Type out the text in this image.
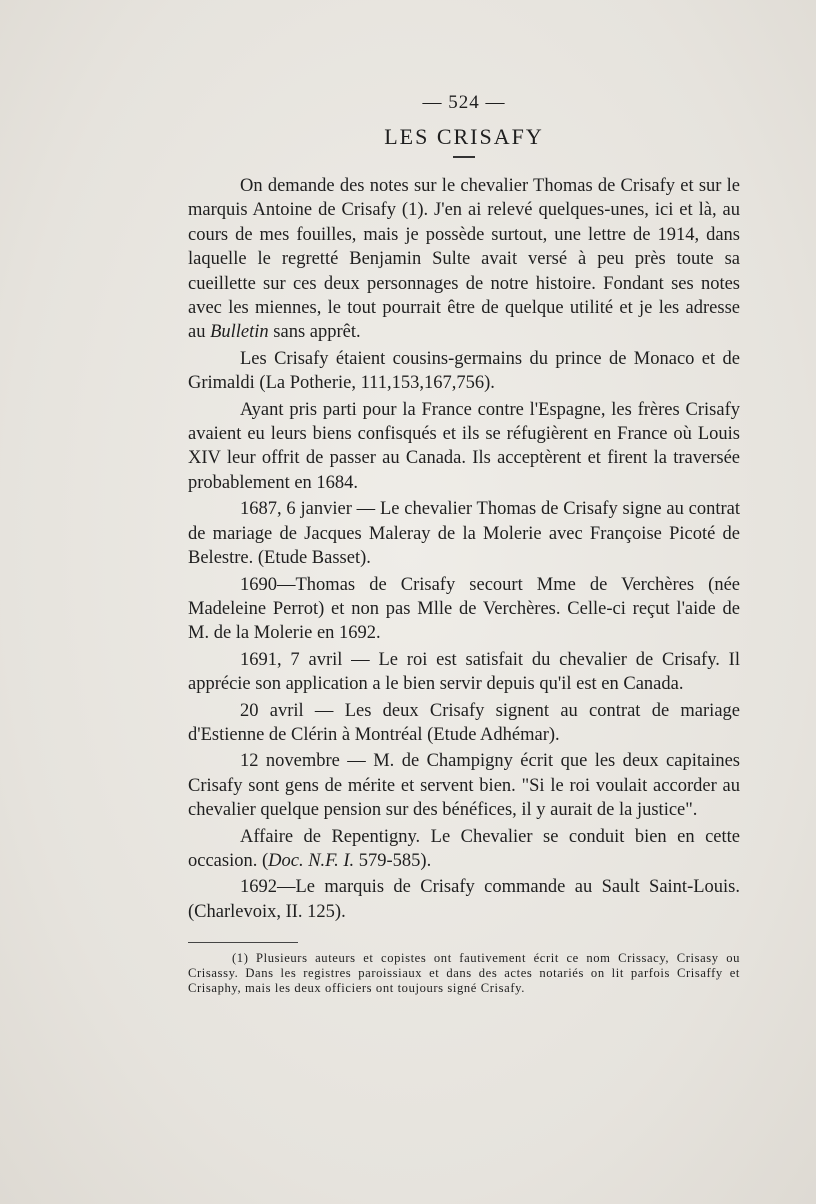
— 524 —
LES CRISAFY

On demande des notes sur le chevalier Thomas de Crisafy et sur le marquis Antoine de Crisafy (1). J'en ai relevé quelques-unes, ici et là, au cours de mes fouilles, mais je possède surtout, une lettre de 1914, dans laquelle le regretté Benjamin Sulte avait versé à peu près toute sa cueillette sur ces deux personnages de notre histoire. Fondant ses notes avec les miennes, le tout pourrait être de quelque utilité et je les adresse au Bulletin sans apprêt.

Les Crisafy étaient cousins-germains du prince de Monaco et de Grimaldi (La Potherie, 111,153,167,756).

Ayant pris parti pour la France contre l'Espagne, les frères Crisafy avaient eu leurs biens confisqués et ils se réfugièrent en France où Louis XIV leur offrit de passer au Canada. Ils acceptèrent et firent la traversée probablement en 1684.

1687, 6 janvier — Le chevalier Thomas de Crisafy signe au contrat de mariage de Jacques Maleray de la Molerie avec Françoise Picoté de Belestre. (Etude Basset).

1690—Thomas de Crisafy secourt Mme de Verchères (née Madeleine Perrot) et non pas Mlle de Verchères. Celle-ci reçut l'aide de M. de la Molerie en 1692.

1691, 7 avril — Le roi est satisfait du chevalier de Crisafy. Il apprécie son application a le bien servir depuis qu'il est en Canada.

20 avril — Les deux Crisafy signent au contrat de mariage d'Estienne de Clérin à Montréal (Etude Adhémar).

12 novembre — M. de Champigny écrit que les deux capitaines Crisafy sont gens de mérite et servent bien. "Si le roi voulait accorder au chevalier quelque pension sur des bénéfices, il y aurait de la justice".

Affaire de Repentigny. Le Chevalier se conduit bien en cette occasion. (Doc. N.F. I. 579-585).

1692—Le marquis de Crisafy commande au Sault Saint-Louis. (Charlevoix, II. 125).

(1) Plusieurs auteurs et copistes ont fautivement écrit ce nom Crissacy, Crisasy ou Crisassy. Dans les registres paroissiaux et dans des actes notariés on lit parfois Crisaffy et Crisaphy, mais les deux officiers ont toujours signé Crisafy.
